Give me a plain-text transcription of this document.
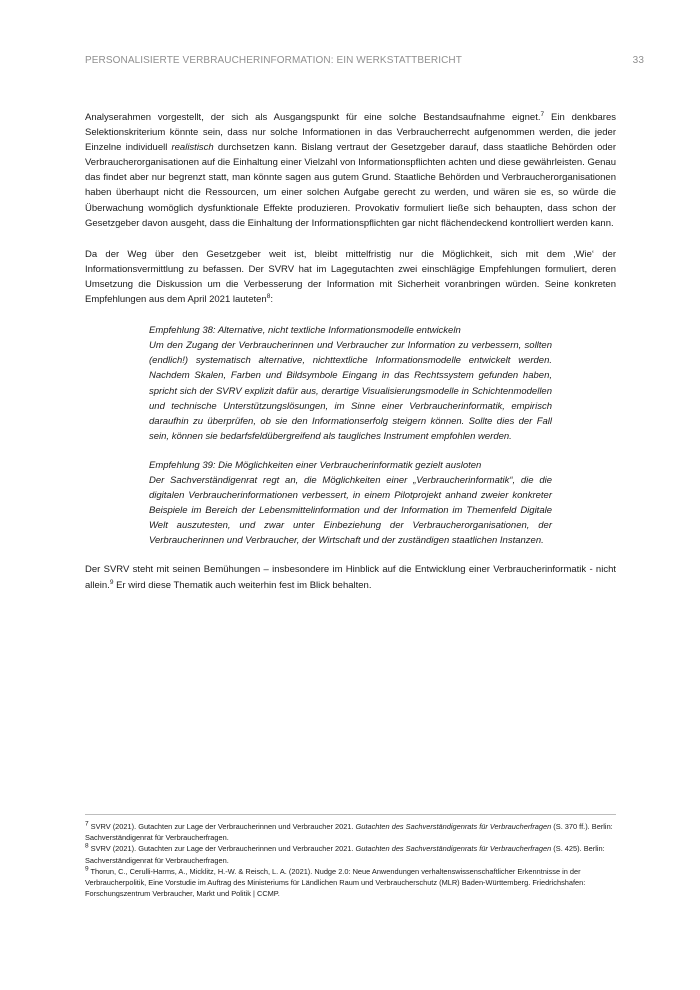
PERSONALISIERTE VERBRAUCHERINFORMATION: EIN WERKSTATTBERICHT	33

Analyserahmen vorgestellt, der sich als Ausgangspunkt für eine solche Bestandsaufnahme eignet.$^7$ Ein denkbares Selektionskriterium könnte sein, dass nur solche Informationen in das Verbraucherrecht aufgenommen werden, die jeder Einzelne individuell realistisch durchsetzen kann. Bislang vertraut der Gesetzgeber darauf, dass staatliche Behörden oder Verbraucherorganisationen auf die Einhaltung einer Vielzahl von Informationspflichten achten und diese gewährleisten. Genau das findet aber nur begrenzt statt, man könnte sagen aus gutem Grund. Staatliche Behörden und Verbraucherorganisationen haben überhaupt nicht die Ressourcen, um einer solchen Aufgabe gerecht zu werden, und wären sie es, so würde die Überwachung womöglich dysfunktionale Effekte produzieren. Provokativ formuliert ließe sich behaupten, dass schon der Gesetzgeber davon ausgeht, dass die Einhaltung der Informationspflichten gar nicht flächendeckend kontrolliert werden kann.

Da der Weg über den Gesetzgeber weit ist, bleibt mittelfristig nur die Möglichkeit, sich mit dem ‚Wie‘ der Informationsvermittlung zu befassen. Der SVRV hat im Lagegutachten zwei einschlägige Empfehlungen formuliert, deren Umsetzung die Diskussion um die Verbesserung der Information mit Sicherheit voranbringen würden. Seine konkreten Empfehlungen aus dem April 2021 lauteten$^8$:

Empfehlung 38: Alternative, nicht textliche Informationsmodelle entwickeln

Um den Zugang der Verbraucherinnen und Verbraucher zur Information zu verbessern, sollten (endlich!) systematisch alternative, nichttextliche Informationsmodelle entwickelt werden. Nachdem Skalen, Farben und Bildsymbole Eingang in das Rechtssystem gefunden haben, spricht sich der SVRV explizit dafür aus, derartige Visualisierungsmodelle in Schichtenmodellen und technische Unterstützungslösungen, im Sinne einer Verbraucherinformatik, empirisch daraufhin zu überprüfen, ob sie den Informationserfolg steigern können. Sollte dies der Fall sein, können sie bedarfsfeldübergreifend als taugliches Instrument empfohlen werden.

Empfehlung 39: Die Möglichkeiten einer Verbraucherinformatik gezielt ausloten

Der Sachverständigenrat regt an, die Möglichkeiten einer „Verbraucherinformatik“, die die digitalen Verbraucherinformationen verbessert, in einem Pilotprojekt anhand zweier konkreter Beispiele im Bereich der Lebensmittelinformation und der Information im Themenfeld Digitale Welt auszutesten, und zwar unter Einbeziehung der Verbraucherorganisationen, der Verbraucherinnen und Verbraucher, der Wirtschaft und der zuständigen staatlichen Instanzen.

Der SVRV steht mit seinen Bemühungen – insbesondere im Hinblick auf die Entwicklung einer Verbraucherinformatik - nicht allein.$^9$ Er wird diese Thematik auch weiterhin fest im Blick behalten.

$^7$ SVRV (2021). Gutachten zur Lage der Verbraucherinnen und Verbraucher 2021. Gutachten des Sachverständigenrats für Verbraucherfragen (S. 370 ff.). Berlin: Sachverständigenrat für Verbraucherfragen.

$^8$ SVRV (2021). Gutachten zur Lage der Verbraucherinnen und Verbraucher 2021. Gutachten des Sachverständigenrats für Verbraucherfragen (S. 425). Berlin: Sachverständigenrat für Verbraucherfragen.

$^9$ Thorun, C., Cerulli-Harms, A., Micklitz, H.-W. & Reisch, L. A. (2021). Nudge 2.0: Neue Anwendungen verhaltenswissenschaftlicher Erkenntnisse in der Verbraucherpolitik, Eine Vorstudie im Auftrag des Ministeriums für Ländlichen Raum und Verbraucherschutz (MLR) Baden-Württemberg. Friedrichshafen: Forschungszentrum Verbraucher, Markt und Politik | CCMP.
